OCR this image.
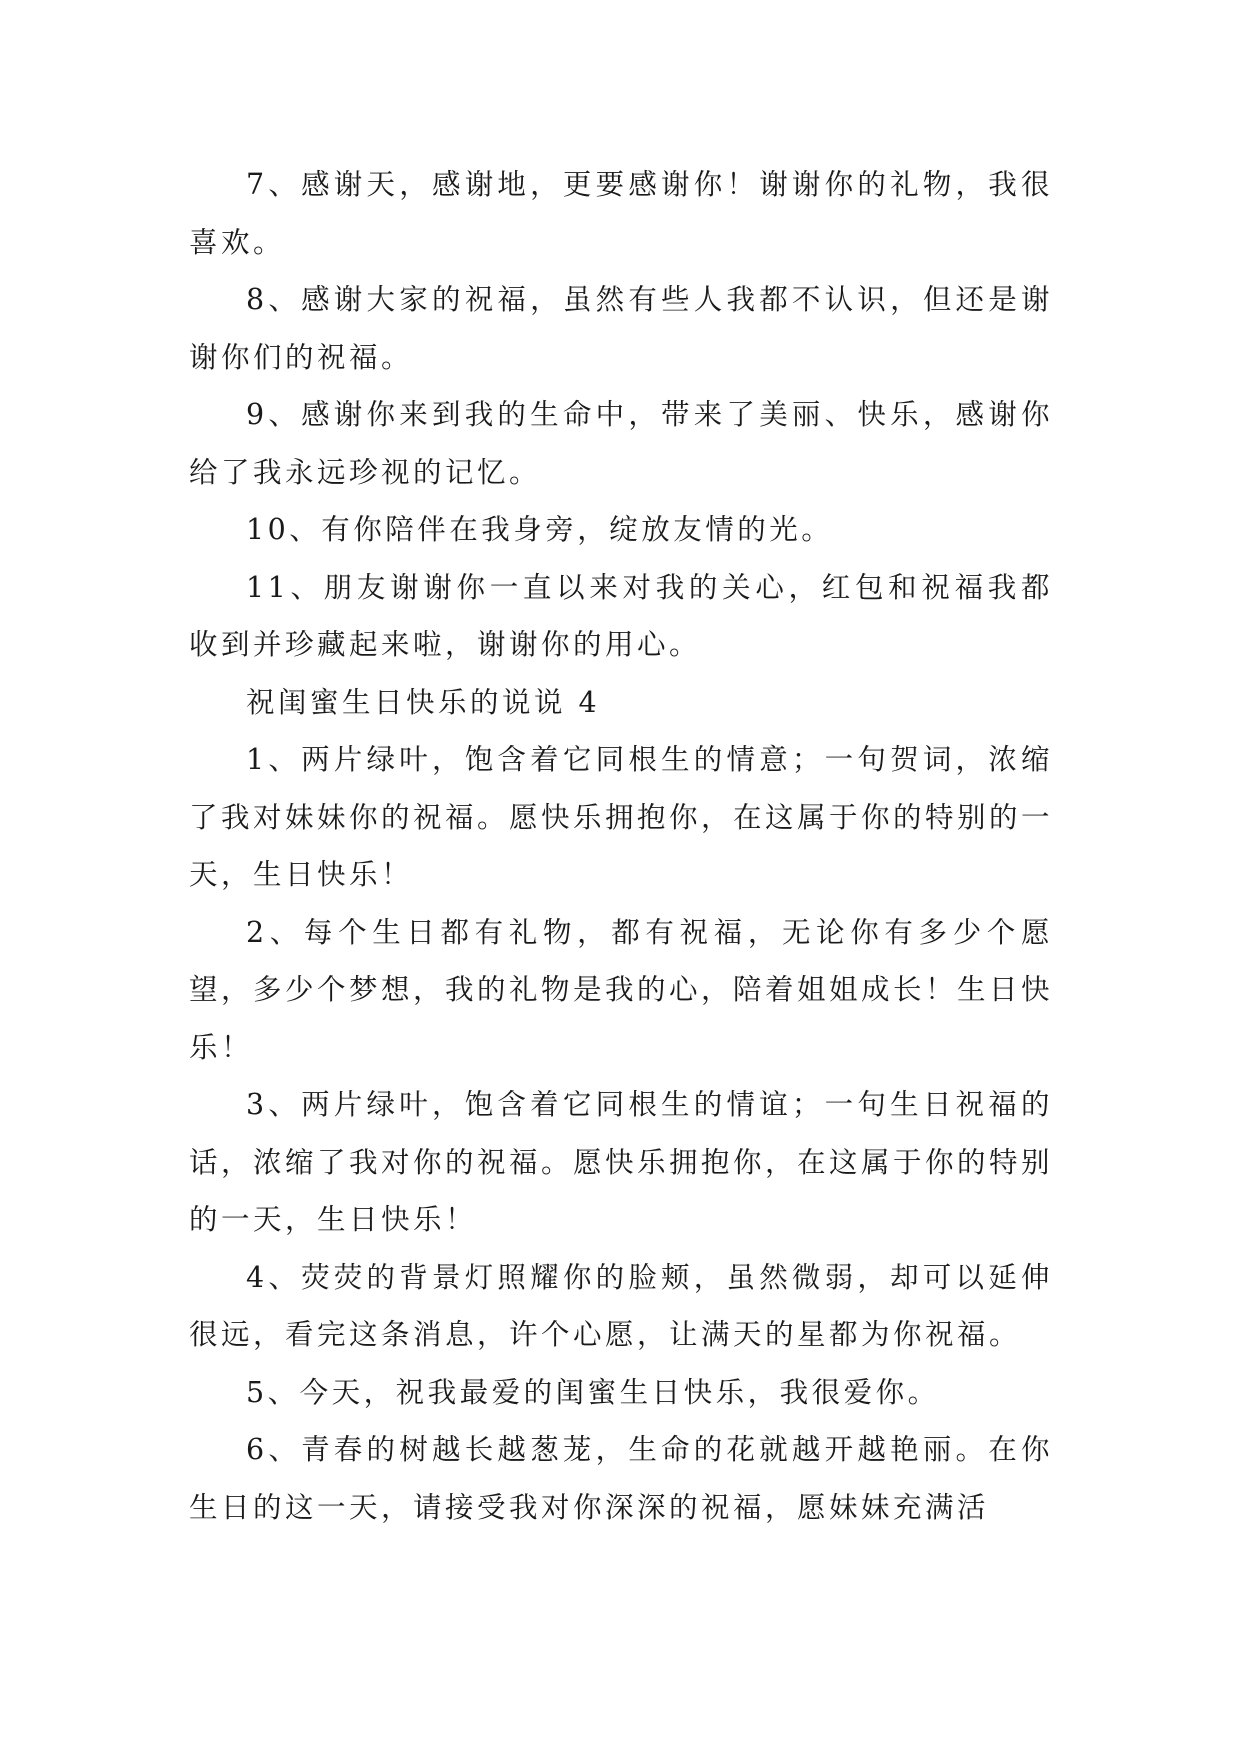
7、感谢天，感谢地，更要感谢你！谢谢你的礼物，我很喜欢。

8、感谢大家的祝福，虽然有些人我都不认识，但还是谢谢你们的祝福。

9、感谢你来到我的生命中，带来了美丽、快乐，感谢你给了我永远珍视的记忆。

10、有你陪伴在我身旁，绽放友情的光。

11、朋友谢谢你一直以来对我的关心，红包和祝福我都收到并珍藏起来啦，谢谢你的用心。

祝闺蜜生日快乐的说说 4

1、两片绿叶，饱含着它同根生的情意；一句贺词，浓缩了我对妹妹你的祝福。愿快乐拥抱你，在这属于你的特别的一天，生日快乐！

2、每个生日都有礼物，都有祝福，无论你有多少个愿望，多少个梦想，我的礼物是我的心，陪着姐姐成长！生日快乐！

3、两片绿叶，饱含着它同根生的情谊；一句生日祝福的话，浓缩了我对你的祝福。愿快乐拥抱你，在这属于你的特别的一天，生日快乐！

4、荧荧的背景灯照耀你的脸颊，虽然微弱，却可以延伸很远，看完这条消息，许个心愿，让满天的星都为你祝福。

5、今天，祝我最爱的闺蜜生日快乐，我很爱你。

6、青春的树越长越葱茏，生命的花就越开越艳丽。在你生日的这一天，请接受我对你深深的祝福，愿妹妹充满活
